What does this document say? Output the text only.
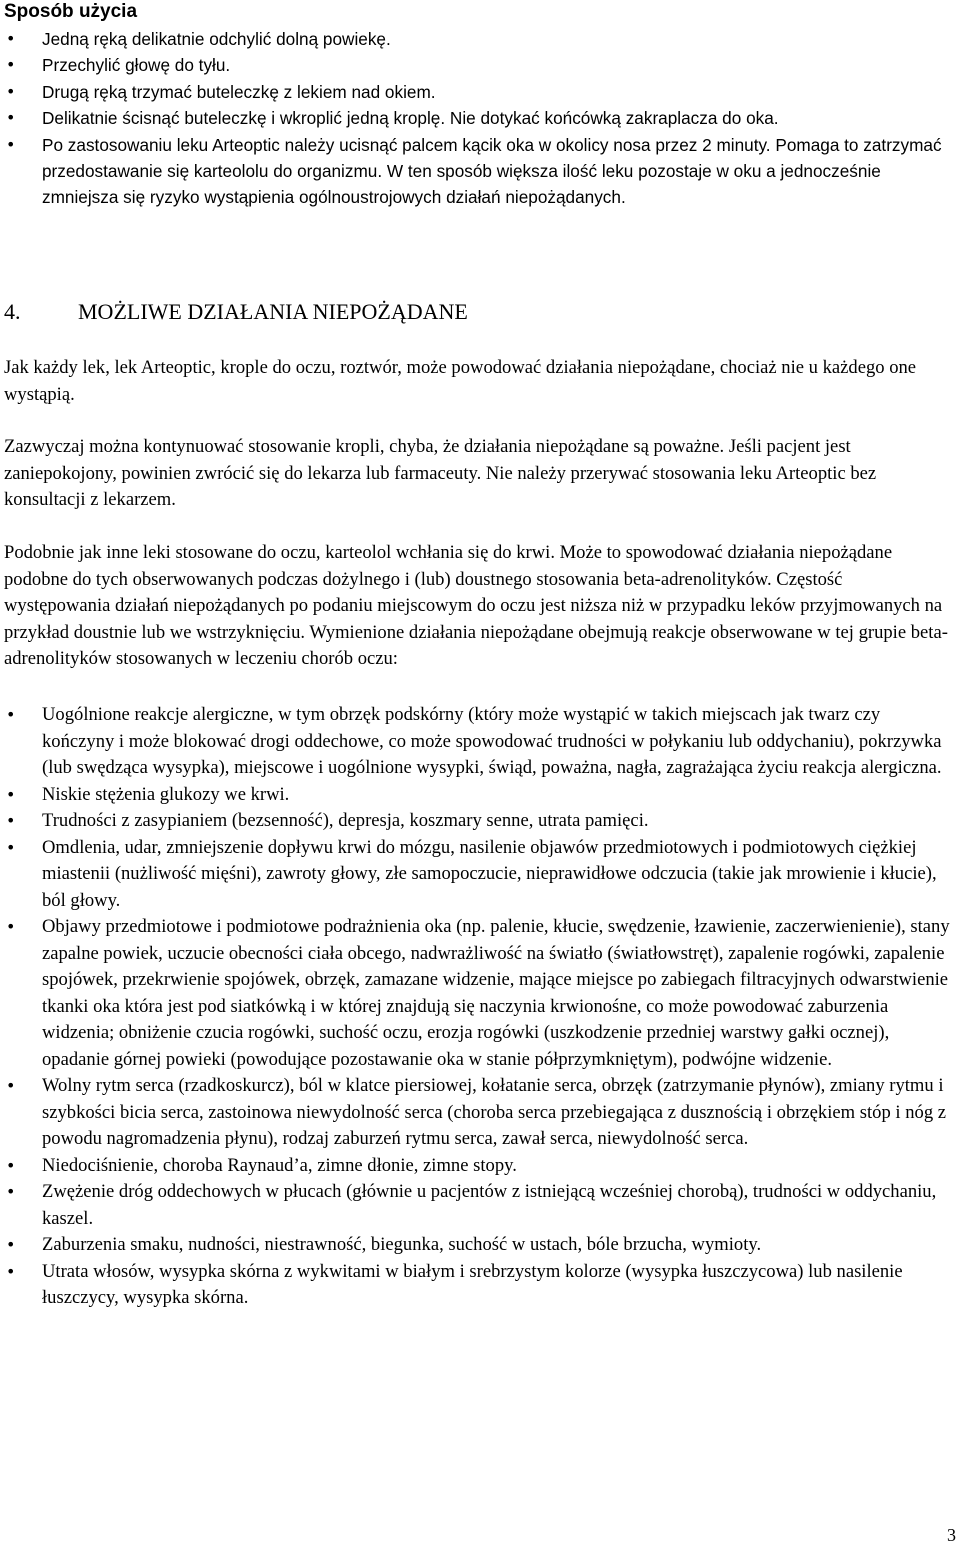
Sposób użycia
• Jedną ręką delikatnie odchylić dolną powiekę.
• Przechylić głowę do tyłu.
• Drugą ręką trzymać buteleczkę z lekiem nad okiem.
• Delikatnie ścisnąć buteleczkę i wkroplić jedną kroplę. Nie dotykać końcówką zakraplacza do oka.
• Po zastosowaniu leku Arteoptic należy ucisnąć palcem kącik oka w okolicy nosa przez 2 minuty. Pomaga to zatrzymać przedostawanie się karteololu do organizmu. W ten sposób większa ilość leku pozostaje w oku a jednocześnie zmniejsza się ryzyko wystąpienia ogólnoustrojowych działań niepożądanych.
4.	MOŻLIWE DZIAŁANIA NIEPOŻĄDANE
Jak każdy lek, lek Arteoptic, krople do oczu, roztwór, może powodować działania niepożądane, chociaż nie u każdego one wystąpią.
Zazwyczaj można kontynuować stosowanie kropli, chyba, że działania niepożądane są poważne. Jeśli pacjent jest zaniepokojony, powinien zwrócić się do lekarza lub farmaceuty. Nie należy przerywać stosowania leku Arteoptic bez konsultacji z lekarzem.
Podobnie jak inne leki stosowane do oczu, karteolol wchłania się do krwi. Może to spowodować działania niepożądane podobne do tych obserwowanych podczas dożylnego i (lub) doustnego stosowania beta-adrenolityków. Częstość występowania działań niepożądanych po podaniu miejscowym do oczu jest niższa niż w przypadku leków przyjmowanych na przykład doustnie lub we wstrzyknięciu. Wymienione działania niepożądane obejmują reakcje obserwowane w tej grupie beta-adrenolityków stosowanych w leczeniu chorób oczu:
• Uogólnione reakcje alergiczne, w tym obrzęk podskórny (który może wystąpić w takich miejscach jak twarz czy kończyny i może blokować drogi oddechowe, co może spowodować trudności w połykaniu lub oddychaniu), pokrzywka (lub swędząca wysypka), miejscowe i uogólnione wysypki, świąd, poważna, nagła, zagrażająca życiu reakcja alergiczna.
• Niskie stężenia glukozy we krwi.
• Trudności z zasypianiem (bezsenność), depresja, koszmary senne, utrata pamięci.
• Omdlenia, udar, zmniejszenie dopływu krwi do mózgu, nasilenie objawów przedmiotowych i podmiotowych ciężkiej miastenii (nużliwość mięśni), zawroty głowy, złe samopoczucie, nieprawidłowe odczucia (takie jak mrowienie i kłucie), ból głowy.
• Objawy przedmiotowe i podmiotowe podrażnienia oka (np. palenie, kłucie, swędzenie, łzawienie, zaczerwienienie), stany zapalne powiek, uczucie obecności ciała obcego, nadwrażliwość na światło (światłowstręt), zapalenie rogówki, zapalenie spojówek, przekrwienie spojówek, obrzęk, zamazane widzenie, mające miejsce po zabiegach filtracyjnych odwarstwienie tkanki oka która jest pod siatkówką i w której znajdują się naczynia krwionośne, co może powodować zaburzenia widzenia; obniżenie czucia rogówki, suchość oczu, erozja rogówki (uszkodzenie przedniej warstwy gałki ocznej), opadanie górnej powieki (powodujące pozostawanie oka w stanie półprzymkniętym), podwójne widzenie.
• Wolny rytm serca (rzadkoskurcz), ból w klatce piersiowej, kołatanie serca, obrzęk (zatrzymanie płynów), zmiany rytmu i szybkości bicia serca, zastoinowa niewydolność serca (choroba serca przebiegająca z dusznością i obrzękiem stóp i nóg z powodu nagromadzenia płynu), rodzaj zaburzeń rytmu serca, zawał serca, niewydolność serca.
• Niedociśnienie, choroba Raynaud’a, zimne dłonie, zimne stopy.
• Zwężenie dróg oddechowych w płucach (głównie u pacjentów z istniejącą wcześniej chorobą), trudności w oddychaniu, kaszel.
• Zaburzenia smaku, nudności, niestrawność, biegunka, suchość w ustach, bóle brzucha, wymioty.
• Utrata włosów, wysypka skórna z wykwitami w białym i srebrzystym kolorze (wysypka łuszczycowa) lub nasilenie łuszczycy, wysypka skórna.
3
